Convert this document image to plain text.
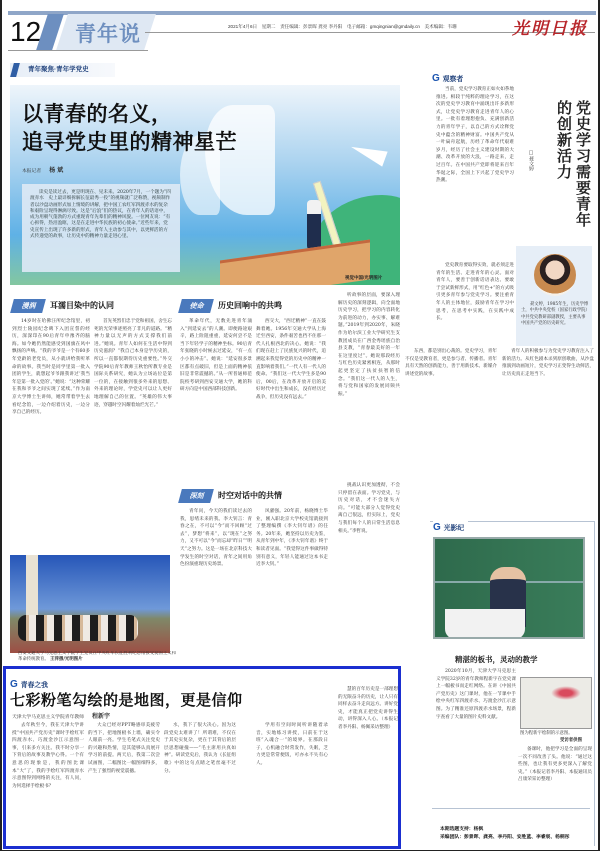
12 青年说	2021年4月6日　星期二　责任编辑：彭景晖 龚亮 李丹阳　电子邮箱：gmqingnian@gmdaily.cn　美术编辑：韦珊	光明日报
青年聚焦·青年学党史
以青春的名义，
追寻党史里的精神星芒
本报记者 杨 斌
读史是读过去，更是明现在、见未来。2020年7月，一个题为“四渡赤水　史上最详细拆解长征最秀一役”的视频就广泛称赞，视频制作者以沙盘动画形式加上情境的讲解，把中国工农红军四渡赤水的复杂和艰险呈现得淋漓尽致。这是“后浪”们的热议，在青年人的话语中，成为用朝气蓬勃的方式重现青年先辈们的精神风貌。一位网友说：“有心拆得，热泪盈眶，这是在走进中华民族的初心使命。”近些年来，党史宣传上出现了许多新的形式，青年人主动参与其中，以更鲜活的方式传递党的故事，让历史中的精神力量走进心里。
视觉中国/光明图片
漫润 耳濡目染中的认同
14岁时在哈佛汪所纪念馆里，初到烈士陵园纪念碑下入团宣誓的经历，深深印在90后青年申豫齐的脑海。如今她仍然能感受到国旗在风中飘扬的声响。“我的爷爷是一个有60多年党龄的老党员，从小就讲给我听革命的故事。我当时是同学里第一批入团的学生，就想起爷爷跟我讲过‘我当年是第一批入党的’。”她说：“这种荣耀在我和爷爷之间实现了延续。”作为南京大学博士生讲师，她常带着学生去看纪念馆，一边介绍着历史，一边分享自己的经历。
首先英烈们忠于党和祖国，舍生忘死的光荣事迹照亮了非凡的道路。“精神力量以无声的方式支撑我们前进。”她说。青年人如何在生活中得到历史滋润？“我自己本身是学历史的，所以一直都很期待历史重要性。”外交学院90后青年教师王秋怡所教专业是国际关系研究，她认为立场站位是第一位的，在接触到很多外来的思想、外来的理论时，学党史可以让人更好地理解自己的位置。“英雄的伟大事迹，穿越时空闪耀着灿烂光芒。”
使命 历史回响中的共鸣
革命年代，无数先进青年涌入“到延安去”的人潮。即便路途艰辛，路上险阻重重，延安何尝不是当下年轻学子的精神坐标。90后青年张晓的小时候去过延安，“有一点小小的冲击”。她说：“延安很多景区都有点破旧，但是上面的精神依旧是非常震撼的。”从一所普通师范院校考研到西安交通大学，她的科研方向是中国西部科技创新。
西交大，“西迁精神”一直在鼓舞着她。1956年交通大学从上海迁至西安，条件艰苦也挡不住那一代人扎根西北的决心。她说：“我们现在赶上了民族复兴的时代，追溯起来我觉得党的历史中的精神一直影响着我们。”一代人有一代人的使命。“我们这一代大学生多是90后，00后，在改革开放开启的美好时代中出生和成长，没有经历过战争，但历史没有远去。”
听故事的层面，要深入理解历史的深刻逻辑，向全面地历史学习，把学习的内容转化为前进的动力，办实事、解难题。”2019年到2020年，朱晓作为哈尔滨工业大学研究生支教团成员在广西金秀瑶族自治县支教，“青春最美好的一年在这里度过”。她说那段经历与红色历史紧密相连，从那时起更坚定了扶贫扶智的信念。“我们这一代人的人生，将与党和国家的发展同频共振。”
深刻 时空对话中的共情
青年问，今天的我们读过去的我，思绪未来的我。李大钊言：青春之在，不可以“今”而不回顾“过去”，梦想“将来”，以“现在”之努力，又不可以“今”而忘却“昨日”“明天”之努力。这是一场在北京科技大学发生的时空对话，青年之间用角色扮演重现历史场景。
风骚强。20年前，杨晓博士毕业，刚入职北京大学校史馆就接到了整理编撰《李大钊年谱》的任务。20年来，她坚持以历史为鉴，从青年到中年，《李大钊年谱》终于和读者见面。“我觉得这件事做得特别有意义，年轻人能通过这本书走近李大钊。”
挑战认识更加透彻，不会只停留在表面。学习党史，与历史对话，才不会迷失方向。“可能大部分人觉得党史离自己很远，但实际上，党史与我们每个人的日常生活息息相关。”李哲说。
西安交通大学马克思主义学院学生党员在中央红军长征胜利纪念馆接受爱国主义和革命传统教育。 王萍摄/光明图片
G 青春之我
七彩粉笔勾绘的是地图，更是信仰
天津大学马克思主义学院青年教师 程新宇
去年秋至今，我在天津大学讲授“中国共产党历史”课时手绘红军四渡赤水、巧渡金沙江示意图一事，引来多方关注。我不时分享一下背后的故事及教学心得。一个有意思的现象是，我的图比课本“大”了，我的手绘红军四渡赤水示意图得到网络的关注，有人问，为何选择手绘板书？
大众已经对PPT略感审美疲劳的当下，把地图板书上墙，确实令人眼前一亮。学生毛笔式关注党史的兴趣和热情，是其能够认真展开学习的前提。两天后，我第二次尝试画图，二幅图比一幅图细得多，产生了强烈的视觉震撼。
水，我下了很大决心。因为这段党史太难讲了！所谓难，不仅在于其史实复杂，更在于其背后的层层思想碰撞——“毛主席用兵真如神”。研读党史后，我认为《长征组歌》中的这句点睛之笔丝毫不过分。
学用有空间时间听讲随着录音，实地练习讲授，日前在于这班“入魂合一”的境界。在那段日子，心机融合时常发作，失眠，乏力更是常常便饭，可亦永不失有心人。
慧的百年历史是一部理想的无限奋斗的历史，让人只有同样去奋斗走向远方。讲好党史，才能真正把党史讲得生动，讲得深入人心。（本报记者李丹阳、杨佩采访整理）
G 观察者
当前，党史学习教育正如火如荼地推进。相较于纯粹的理论学习，在这次的党史学习教育中涌现出许多新形式，让党史学习教育走进青年人的心里。一批有着理想抱负、充满创新活力的青年学子，以自己的方式诠释党史中蕴含的精神财富。中国共产党从一叶扁舟起航，历经了革命年代艰难岁月，经历了社会主义建设时期的大潮、改革开放的大浪，一路走来，走过百年。在中国共产党即将迎来百年华诞之际，全国上下兴起了党史学习热潮。
党史教育要取得实效，就必须走进青年的生活、走进青年的心灵。面对青年人，要善于创新话语表达、要敢于尝试新鲜形式，用“红色+”的方式吸引更多青年参与党史学习。要注重青年人的主体地位，鼓励青年在学习中思考，在思考中实践，在实践中成长。
党史学习需要青年的创新活力
□聂文婷
聂文婷，1985年生，历史学博士，中共中央党校（国家行政学院）中共党史教研部副教授，主要从事中国共产党的历史研究。
东西，都是别出心裁的。党史学习，青年不仅是受教育者，更是参与者、传播者。青年具有天然的创新能力，善于用新技术、新媒介讲述党的故事。
青年人的积极参与为党史学习教育注入了新的活力。从红色剧本杀到原创歌曲，从沙盘推演到动画短片，党史学习正变得生动鲜活，让历史真正走进当下。
G 光影纪
精湛的板书，灵动的教学
2020年10月，天津大学马克思主义学院32岁的青年教师程新宇在党史课上一幅板书而走红网络。在讲《中国共产党历史》这门课时，他在一节课中手绘中央红军四渡赤水、巧渡金沙江示意图。为了精准还原四渡赤水场景，程新宇查看了大量的图片史料文献。
图为程新宇绘制的示意图。
受访者供图
备课时，他把学习是全面的呈现一次不同改善了头。他说：“通过这些图，也让我有更多更深入了解党史。”（本报记者李丹阳、本报通讯员吕康荣采访整理）
本期选题支持：杨枫
采编团队：彭景晖、龚亮、李丹阳、安胜蓝、李睿宸、杨桐彤
